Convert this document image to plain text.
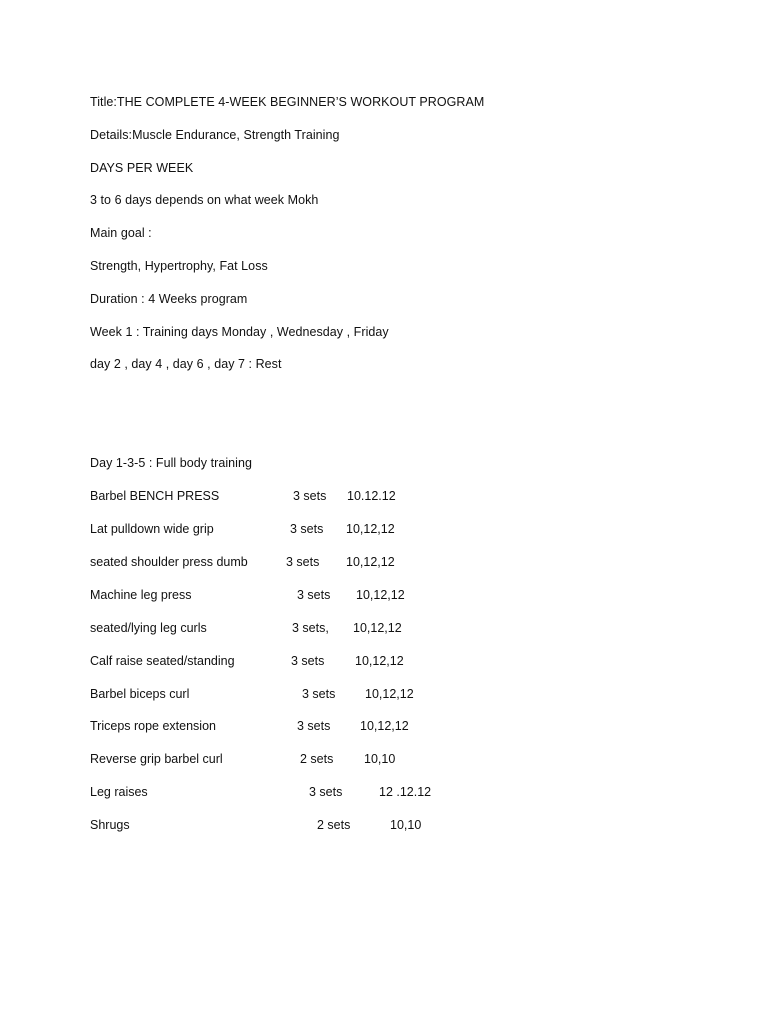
Title:THE COMPLETE 4-WEEK BEGINNER’S WORKOUT PROGRAM
Details:Muscle Endurance, Strength Training
DAYS PER WEEK
3 to 6 days depends on what week Mokh
Main goal :
Strength, Hypertrophy, Fat Loss
Duration : 4 Weeks program
Week 1 : Training days Monday , Wednesday , Friday
day 2 , day 4 , day 6 , day 7 : Rest
Day 1-3-5 : Full body training
Barbel BENCH PRESS	3 sets 10.12.12
Lat pulldown wide grip	3 sets 10,12,12
seated shoulder press dumb	3 sets 10,12,12
Machine leg press	3 sets 10,12,12
seated/lying leg curls	3 sets, 10,12,12
Calf raise seated/standing	3 sets 10,12,12
Barbel biceps curl	3 sets 10,12,12
Triceps rope extension	3 sets 10,12,12
Reverse grip barbel curl	2 sets 10,10
Leg raises	3 sets	12 .12.12
Shrugs	2 sets	10,10
